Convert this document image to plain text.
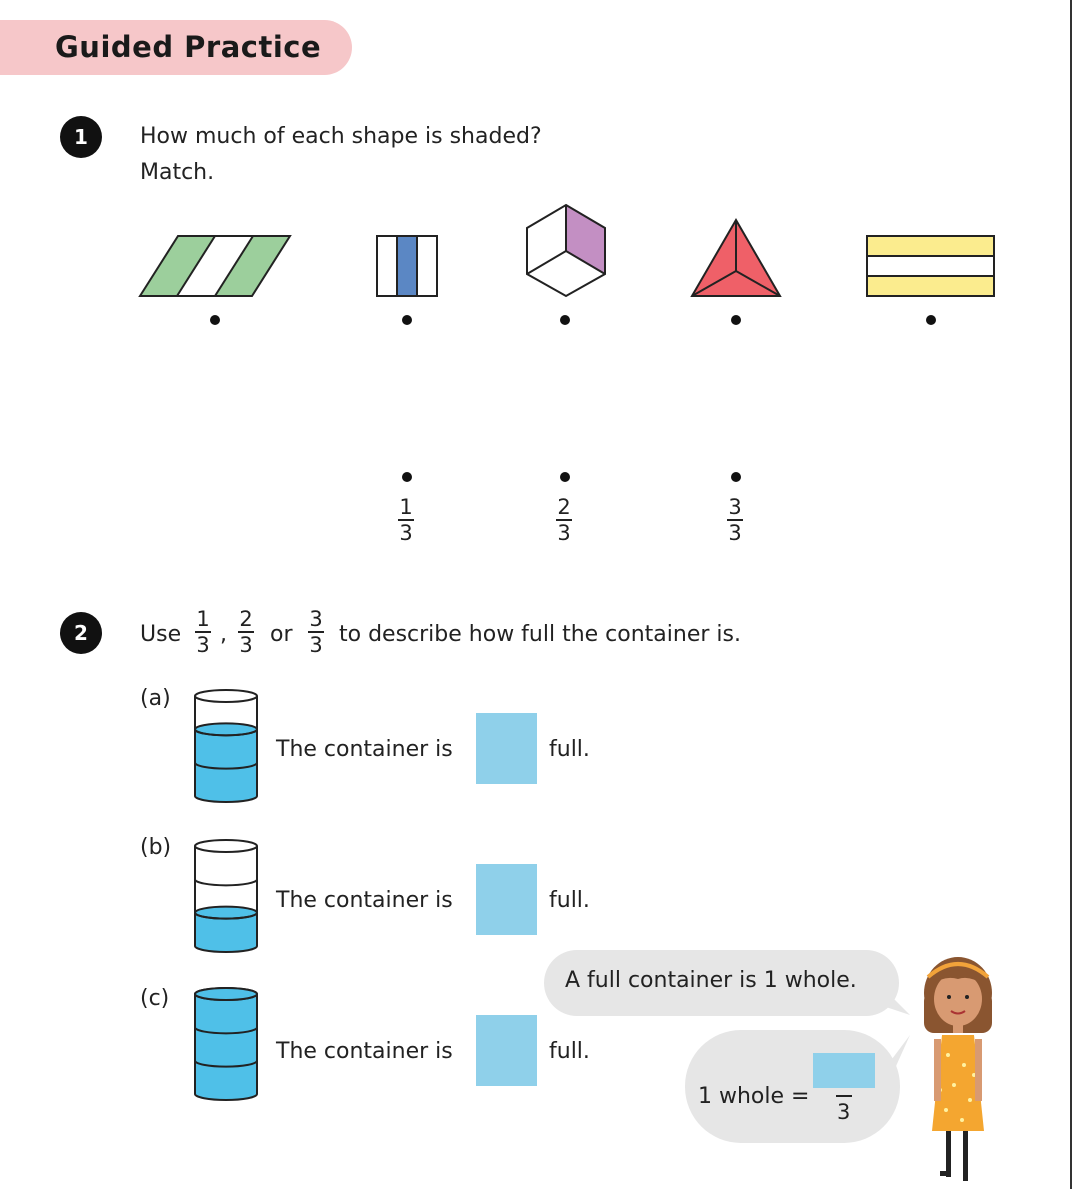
Guided Practice
1	How much of each shape is shaded?
Match.
1
3
2
3
3
3
2	Use
1
3 ,
2
3 or
3
3 to describe how full the container is.
(a)
The container is	full.
(b)
The container is	full.
(c)
The container is	full.
A full container is 1 whole.
1 whole =
3
